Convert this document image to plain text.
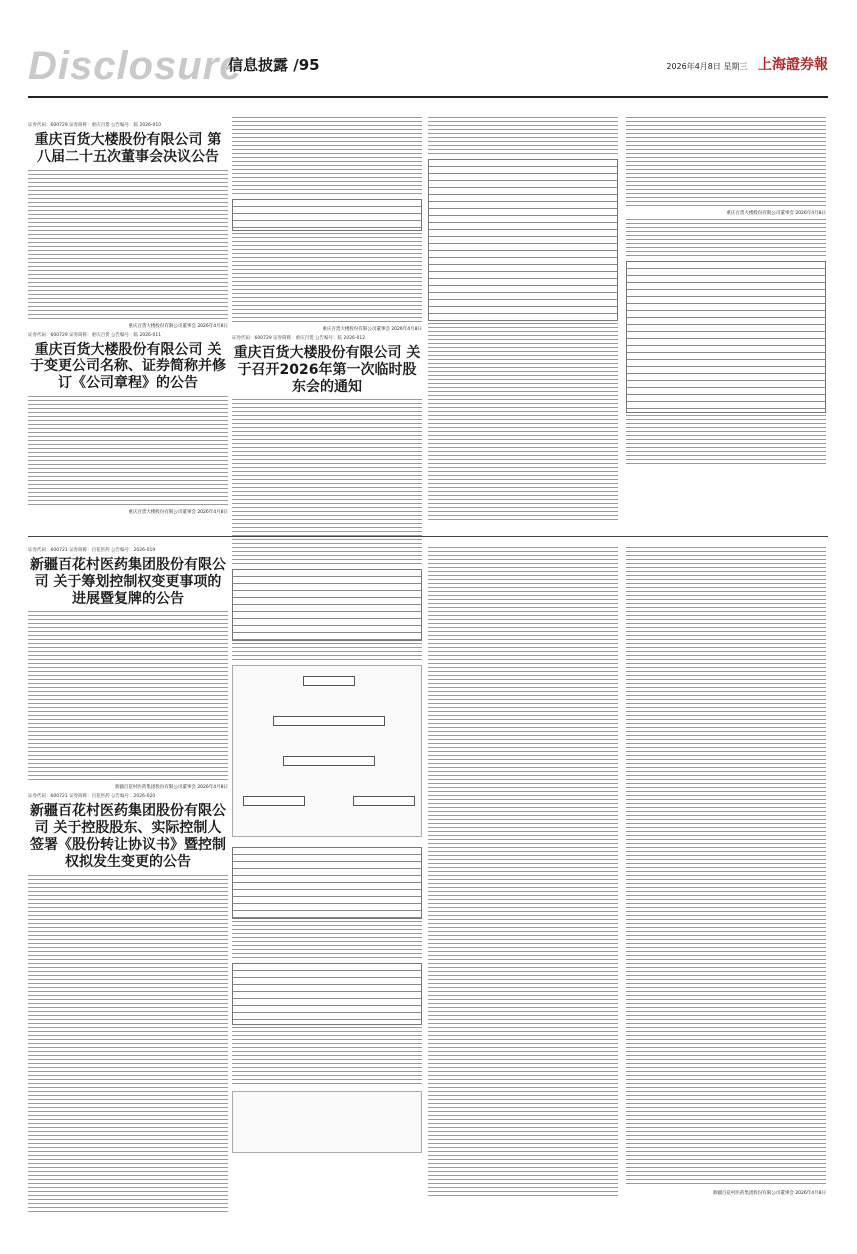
Disclosure
信息披露 /95	2026年4月8日 星期三 上海證券報
证券代码：600729 证券简称：重庆百货 公告编号：临 2026-010
重庆百货大楼股份有限公司 第八届二十五次董事会决议公告
重庆百货大楼股份有限公司董事会 2026年4月8日
证券代码：600729 证券简称：重庆百货 公告编号：临 2026-011
重庆百货大楼股份有限公司 关于变更公司名称、证券简称并修订《公司章程》的公告
重庆百货大楼股份有限公司董事会 2026年4月8日
重庆百货大楼股份有限公司董事会 2026年4月8日
证券代码：600729 证券简称：重庆百货 公告编号：临 2026-012
重庆百货大楼股份有限公司 关于召开2026年第一次临时股东会的通知
重庆百货大楼股份有限公司董事会 2026年4月8日
证券代码：600721 证券简称：百花医药 公告编号：2026-019
新疆百花村医药集团股份有限公司 关于筹划控制权变更事项的进展暨复牌的公告
新疆百花村医药集团股份有限公司董事会 2026年4月8日
证券代码：600721 证券简称：百花医药 公告编号：2026-020
新疆百花村医药集团股份有限公司 关于控股股东、实际控制人签署《股份转让协议书》暨控制权拟发生变更的公告
新疆百花村医药集团股份有限公司董事会 2026年4月8日
